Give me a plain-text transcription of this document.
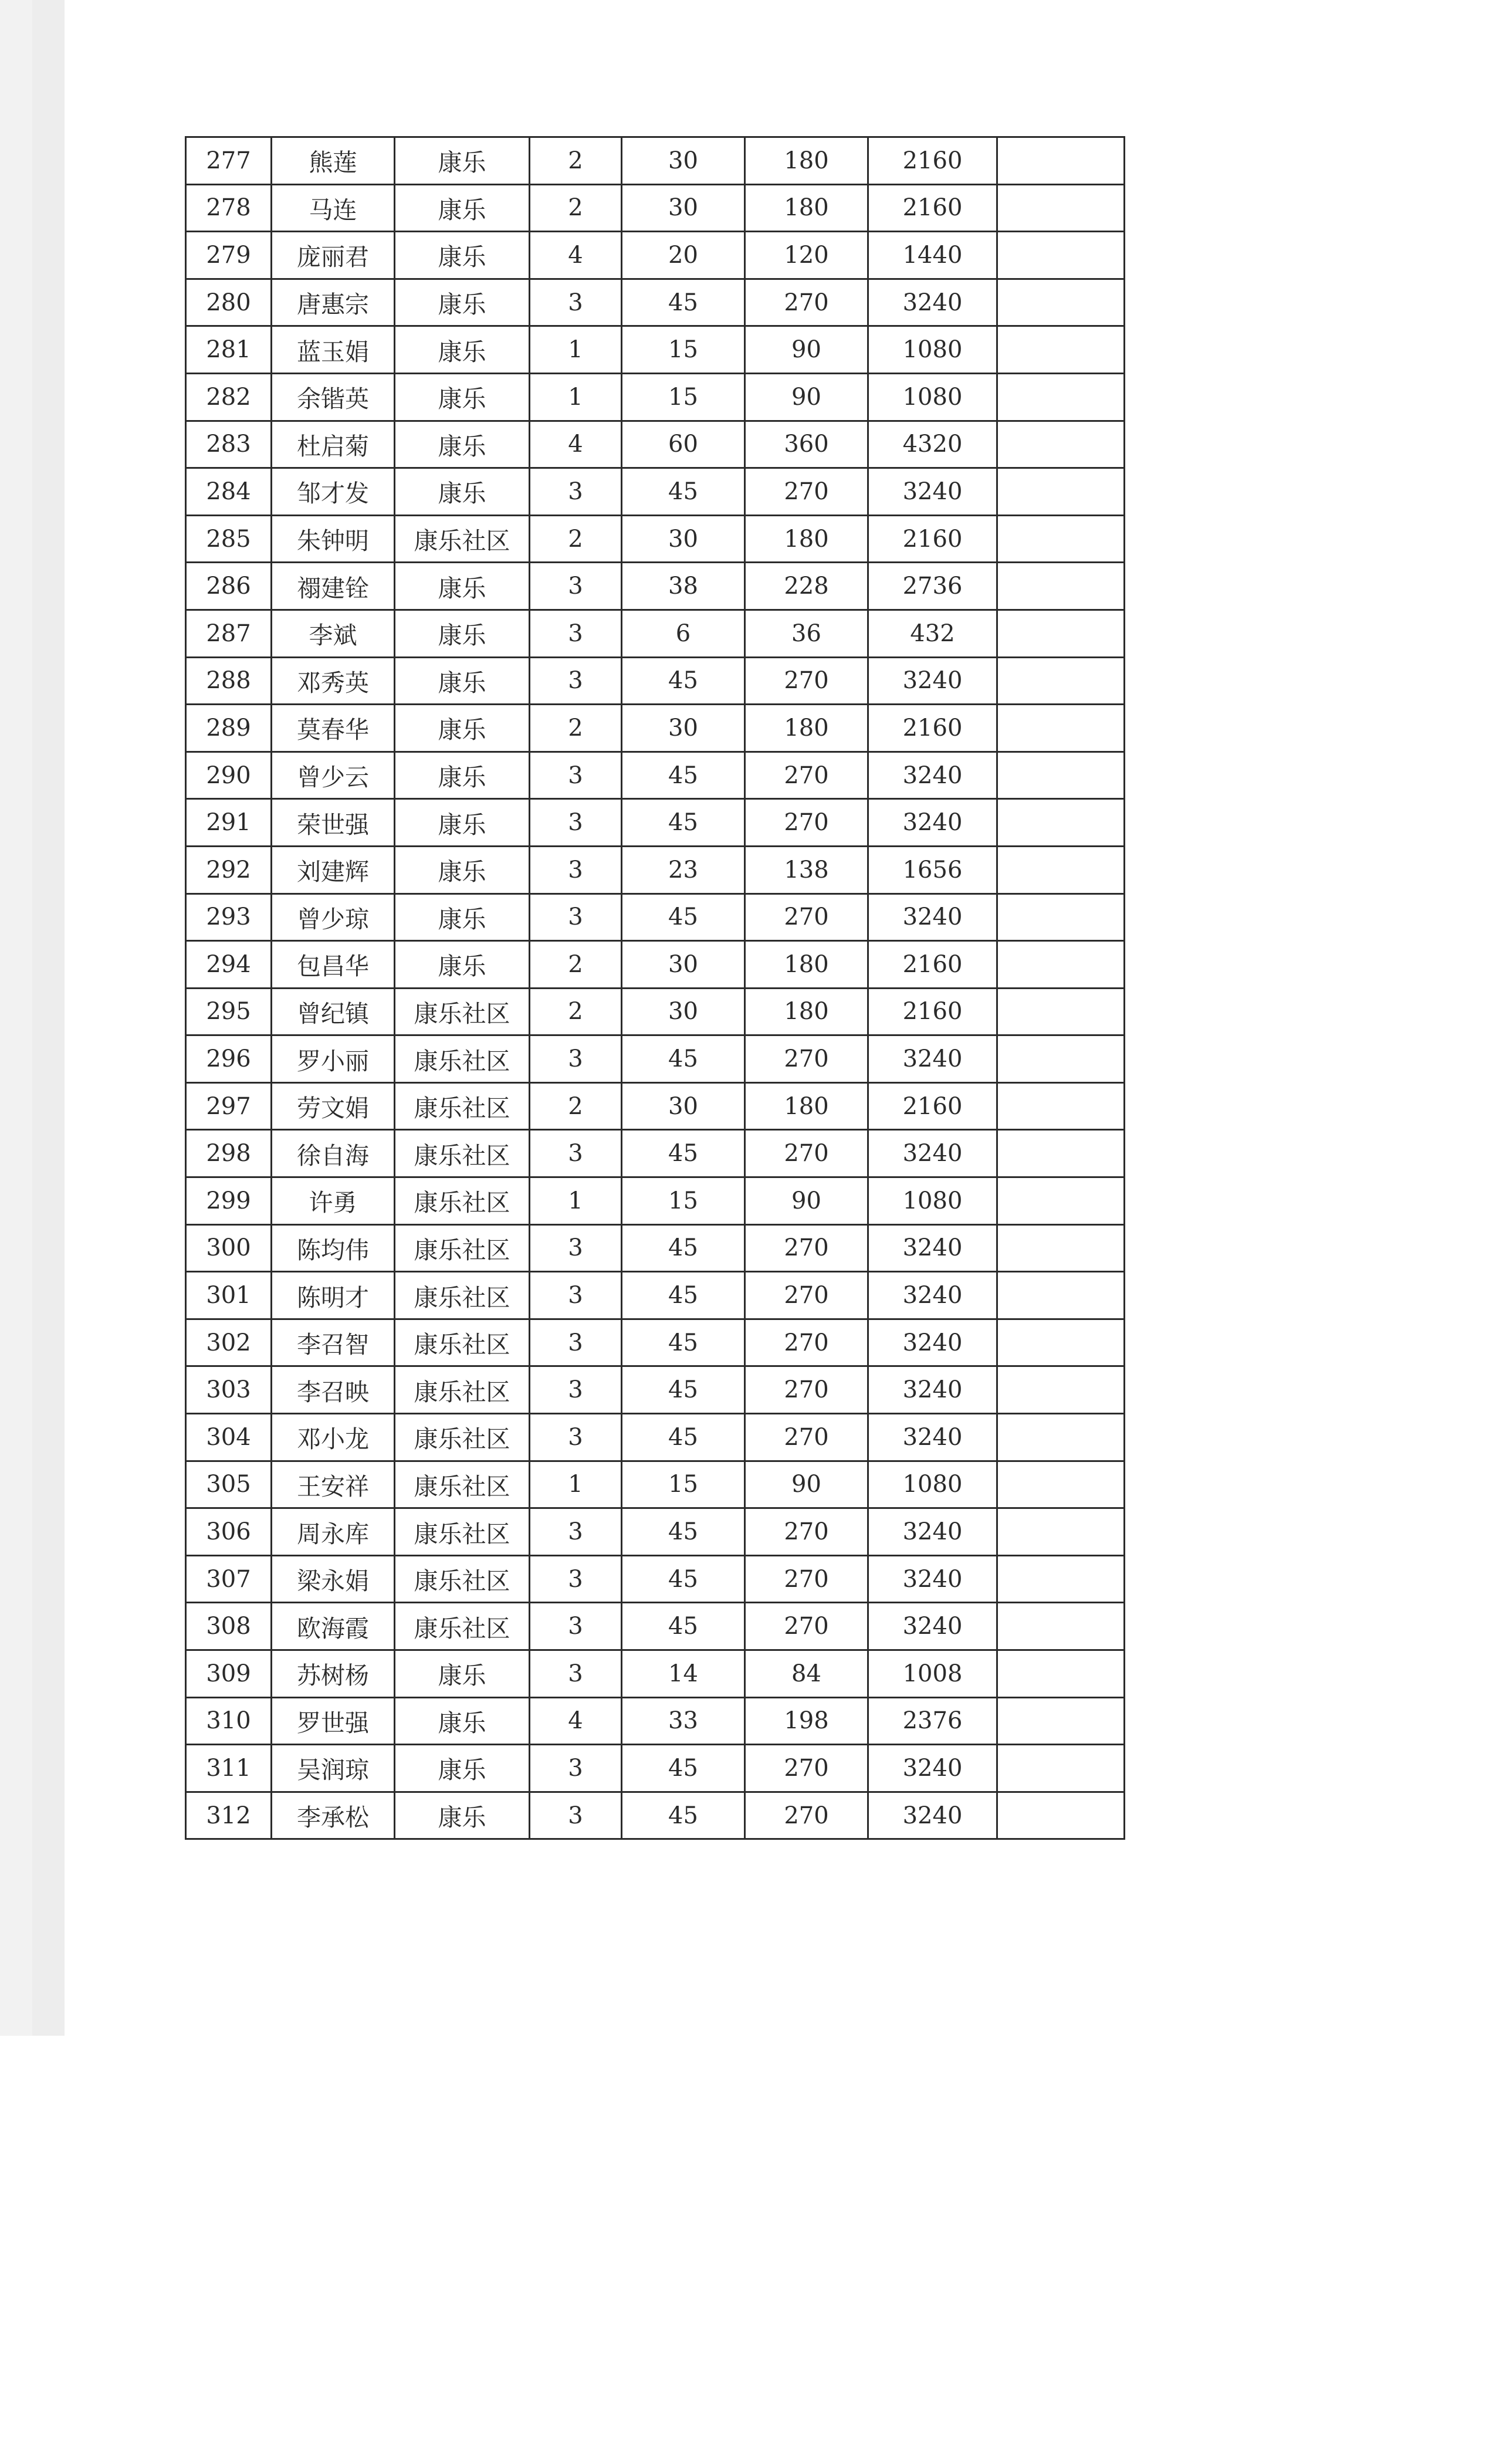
277	熊莲	康乐	2	30	180	2160	
278	马连	康乐	2	30	180	2160	
279	庞丽君	康乐	4	20	120	1440	
280	唐惠宗	康乐	3	45	270	3240	
281	蓝玉娟	康乐	1	15	90	1080	
282	余锴英	康乐	1	15	90	1080	
283	杜启菊	康乐	4	60	360	4320	
284	邹才发	康乐	3	45	270	3240	
285	朱钟明	康乐社区	2	30	180	2160	
286	禤建铨	康乐	3	38	228	2736	
287	李斌	康乐	3	6	36	432	
288	邓秀英	康乐	3	45	270	3240	
289	莫春华	康乐	2	30	180	2160	
290	曾少云	康乐	3	45	270	3240	
291	荣世强	康乐	3	45	270	3240	
292	刘建辉	康乐	3	23	138	1656	
293	曾少琼	康乐	3	45	270	3240	
294	包昌华	康乐	2	30	180	2160	
295	曾纪镇	康乐社区	2	30	180	2160	
296	罗小丽	康乐社区	3	45	270	3240	
297	劳文娟	康乐社区	2	30	180	2160	
298	徐自海	康乐社区	3	45	270	3240	
299	许勇	康乐社区	1	15	90	1080	
300	陈均伟	康乐社区	3	45	270	3240	
301	陈明才	康乐社区	3	45	270	3240	
302	李召智	康乐社区	3	45	270	3240	
303	李召映	康乐社区	3	45	270	3240	
304	邓小龙	康乐社区	3	45	270	3240	
305	王安祥	康乐社区	1	15	90	1080	
306	周永库	康乐社区	3	45	270	3240	
307	梁永娟	康乐社区	3	45	270	3240	
308	欧海霞	康乐社区	3	45	270	3240	
309	苏树杨	康乐	3	14	84	1008	
310	罗世强	康乐	4	33	198	2376	
311	吴润琼	康乐	3	45	270	3240	
312	李承松	康乐	3	45	270	3240	
